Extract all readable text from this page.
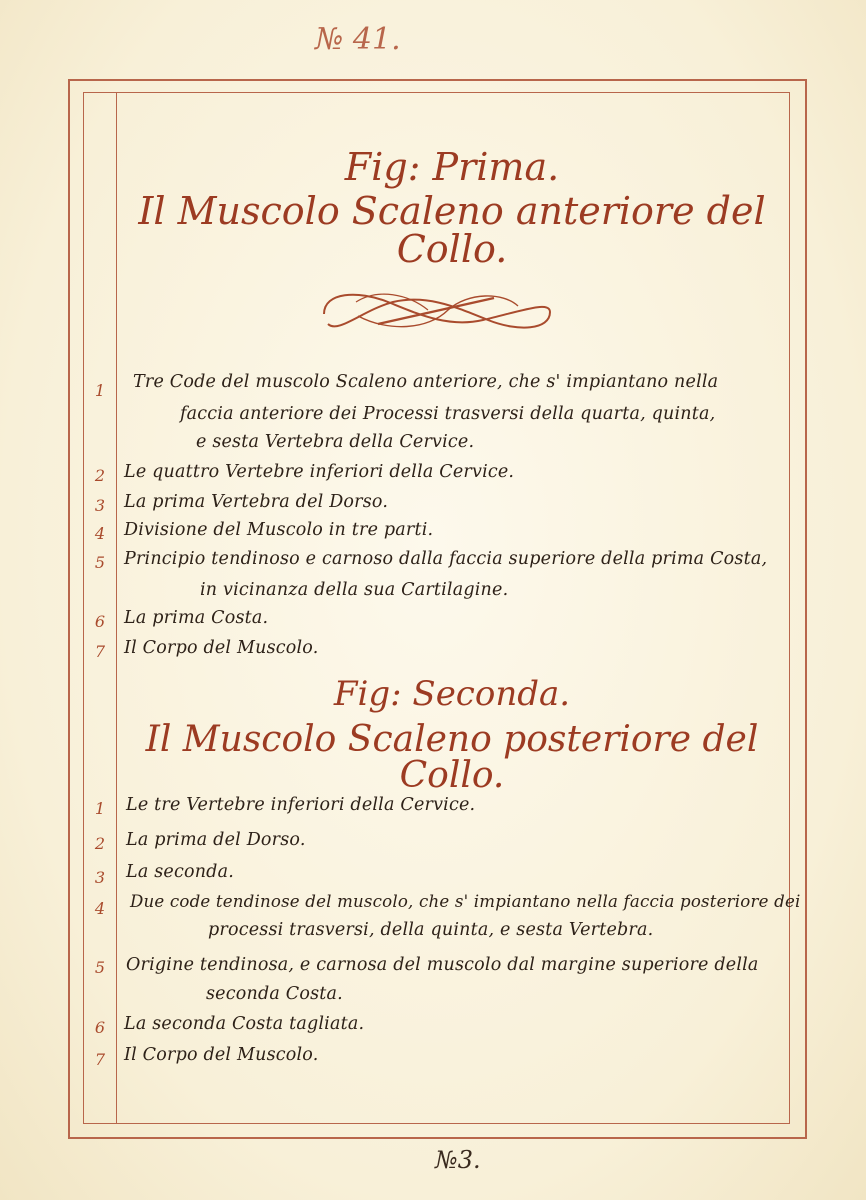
№ 41.
Fig: Prima.
Il Muscolo Scaleno anteriore del Collo.
1	Tre Code del muscolo Scaleno anteriore, che s' impiantano nella
faccia anteriore dei Processi trasversi della quarta, quinta,
e sesta Vertebra della Cervice.
2	Le quattro Vertebre inferiori della Cervice.
3	La prima Vertebra del Dorso.
4	Divisione del Muscolo in tre parti.
5	Principio tendinoso e carnoso dalla faccia superiore della prima Costa,
in vicinanza della sua Cartilagine.
6	La prima Costa.
7	Il Corpo del Muscolo.
Fig: Seconda.
Il Muscolo Scaleno posteriore del Collo.
1	Le tre Vertebre inferiori della Cervice.
2	La prima del Dorso.
3	La seconda.
4	Due code tendinose del muscolo, che s' impiantano nella faccia posteriore dei
processi trasversi, della quinta, e sesta Vertebra.
5	Origine tendinosa, e carnosa del muscolo dal margine superiore della
seconda Costa.
6	La seconda Costa tagliata.
7	Il Corpo del Muscolo.
№3.
